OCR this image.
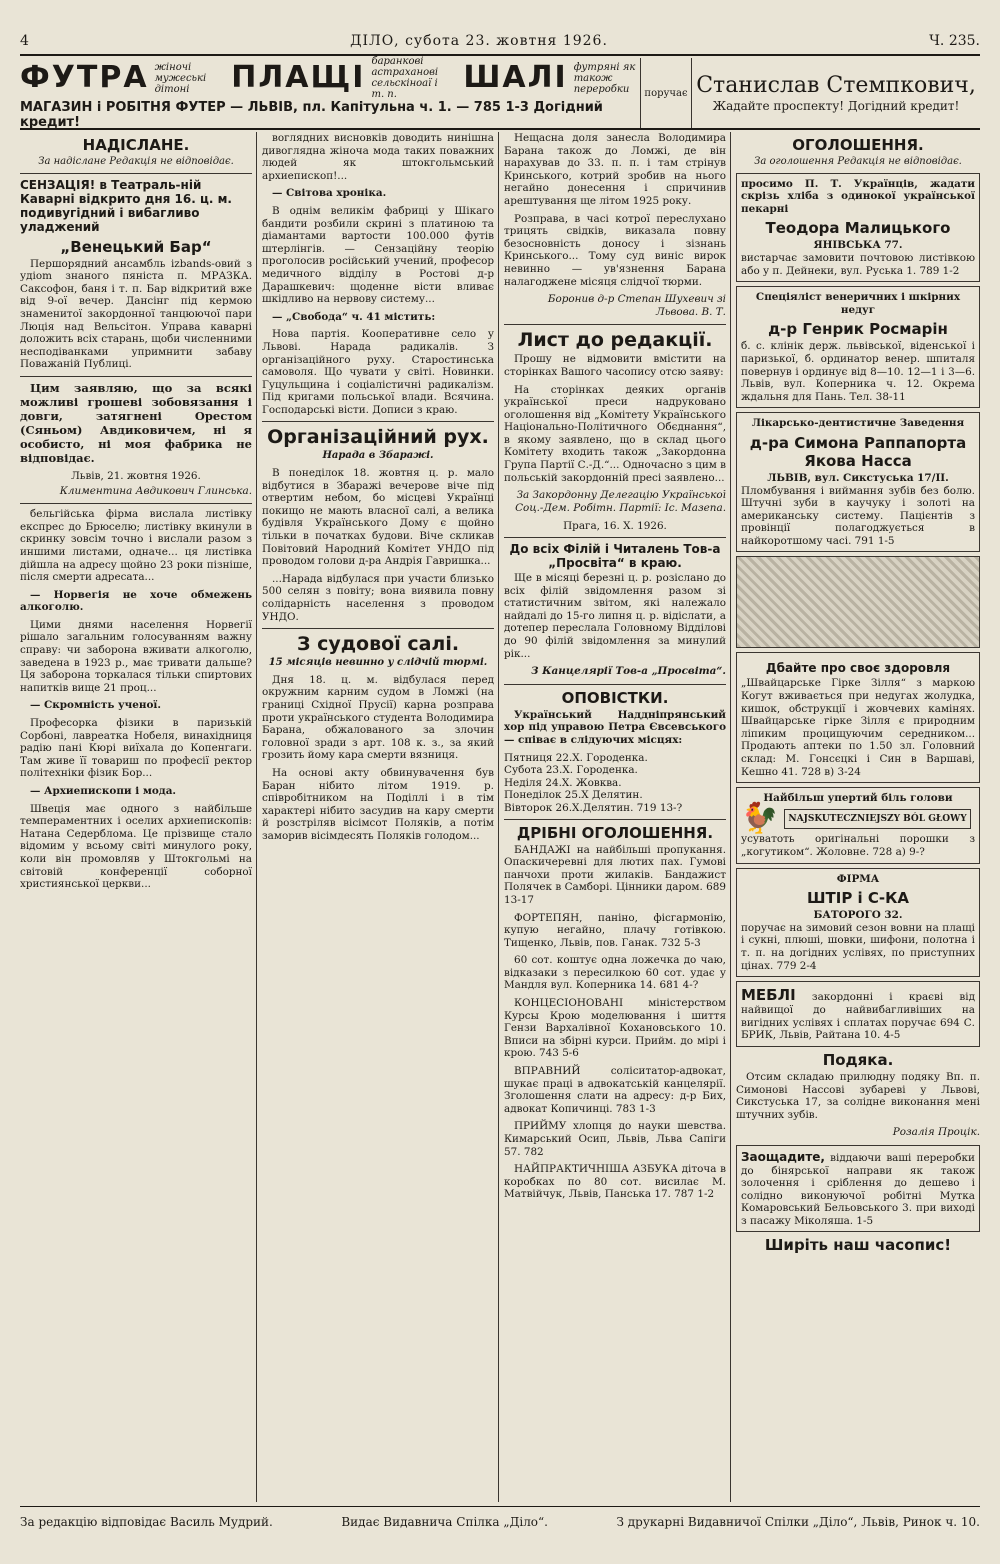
4	ДІЛО, субота 23. жовтня 1926.	Ч. 235.
ФУТРА жіночі мужеські дітоні	ПЛАЩІ баранкові астраханові сельскіноаї і т. п.	ШАЛІ футряні як також переробки
МАГАЗИН і РОБІТНЯ ФУТЕР — ЛЬВІВ, пл. Капітульна ч. 1. — 785 1-3 Догідний кредит!
поручає Станислав Стемпкович,
Жадайте проспекту! Догідний кредит!
НАДІСЛАНЕ.
За надіслане Редакція не відповідає.
СЕНЗАЦІЯ! в Театраль-ній Каварні відкрито дня 16. ц. м. подивугідний і вибагливо уладжений
„Венецький Бар“

Першорядний ансамбль izbands-овий з удіom знаного пяніста п. МРАЗКА. Саксофон, баня і т. п. Бар відкритий вже від 9-ої вечер. Дансінг під кермою знаменитої закордонної танцюючої пари Люція над Bельсітон. Управа каварні доложить всіх старань, щоби численними несподіванками упримнити забаву Поважаній Публиці.

Цим заявляю, що за всякі можливі грошеві зобовязання і довги, затягнені Орестом (Сяньом) Авдиковичем, ні я особисто, ні моя фабрика не відповідає.

Львів, 21. жовтня 1926.
Климентина Авдикович Глинська.

бельгійська фірма вислала листівку експрес до Брюселю; листівку вкинули в скринку зовсім точно і вислали разом з иншими листами, одначе... ця листівка дійшла на адресу щойно 23 роки пізніше, після смерти адресата...

— Норвегія не хоче обмежень алкоголю.

Цими днями населення Норвегії рішало загальним голосуванням важну справу: чи заборона вживати алкоголю, заведена в 1923 р., має тривати дальше? Ця заборона торкалася тільки спиртових напитків вище 21 проц...

— Скромність ученої.

Професорка фізики в паризькій Сорбоні, лавреатка Нобеля, винахідниця радію пані Кюрі виїхала до Копенгаги. Там живе її товариш по професії ректор політехніки фізик Бор...

— Архиепископи і мода.

Швеція має одного з найбільше темпераментних і оселих архиепископів: Натана Седерблома. Це прізвище стало відомим у всьому світі минулого року, коли він промовляв у Штокгольмі на світовій конференції соборної християнської церкви...

воглядних висновків доводить нинішна дивоглядна жіноча мода таких поважних людей як штокгольмський архиепископ!...

— Світова хроніка.

В однім великім фабриці у Шікаго бандити розбили скрині з платиною та діамантами вартости 100.000 футів штерлінгів. — Сензаційну теорію проголосив російський учений, професор медичного відділу в Ростові д-р Дарашкевич: щоденне вісти вливає шкідливо на нервову систему...

— „Свобода“ ч. 41 містить:

Нова партія. Кооперативне село у Львові. Нарада радикалів. З організаційного руху. Старостинська самоволя. Що чувати у світі. Новинки. Гуцульщина і соціалістичні радикалізм. Під кригами польської влади. Всячина. Господарські вісти. Дописи з краю.

Організаційний рух.
Нарада в Збаражі.

В понеділок 18. жовтня ц. р. мало відбутися в Збаражі вечерове віче під отвертим небом, бо місцеві Українці покищо не мають власної салі, а велика будівля Українського Дому є щойно тільки в початках будови. Віче скликав Повітовий Народний Комітет УНДО під проводом голови д-ра Андрія Гавришка...

...Нарада відбулася при участи близько 500 селян з повіту; вона виявила повну солідарність населення з проводом УНДО.

З судової салі.
15 місяців невинно у слідчій тюрмі.

Дня 18. ц. м. відбулася перед окружним карним судом в Ломжі (на границі Східної Прусії) карна розправа проти українського студента Володимира Барана, обжалованого за злочин головної зради з арт. 108 к. з., за який грозить йому кара смерти вязниця.

На основі акту обвинувачення був Баран нібито літом 1919. р. співробітником на Поділлі і в тім характері нібито засудив на кару смерти й розстріляв вісімсот Поляків, а потім заморив вісімдесять Поляків голодом...

Нещасна доля занесла Володимира Барана також до Ломжі, де він нарахував до 33. п. п. і там стрінув Кринського, котрий зробив на нього негайно донесення і спричинив арештування ще літом 1925 року.

Розправа, в часі котрої переслухано трицять свідків, виказала повну безосновність доносу і зізнань Кринського... Тому суд виніс вирок невинно — ув'язнення Барана налагоджене місяця слідчої тюрми.

Боронив д-р Степан Шухевич зі Львова. В. Т.
Лист до редакції.

Прошу не відмовити вмістити на сторінках Вашого часопису отсю заяву:

На сторінках деяких органів української преси надруковано оголошення від „Комітету Українського Національно-Політичного Обєднання“, в якому заявлено, що в склад цього Комітету входить також „Закордонна Група Партії С.-Д.“... Одночасно з цим в польській закордонній пресі заявлено...

За Закордонну Делегацію Української Соц.-Дем. Робітн. Партії: Іс. Мазепа.
Прага, 16. X. 1926.
До всіх Філій і Читалень Тов-а „Просвіта“ в краю.

Ще в місяці березні ц. р. розіслано до всіх філій звідомлення разом зі статистичним звітом, які належало найдалі до 15-го липня ц. р. відіслати, а дотепер переслала Головному Відділові до 90 філій звідомлення за минулий рік...

З Канцелярії Тов-а „Просвіта“.
ОПОВІСТКИ.

Український Наддніпрянський хор під управою Петра Євсевського — співає в слідуючих місцях:

Пятниця 22.X. Городенка.
Субота 23.X. Городенка.
Неділя 24.X. Жовква.
Понеділок 25.X Делятин.
Вівторок 26.X.Делятин. 719 13-?
ДРІБНІ ОГОЛОШЕННЯ.

БАНДАЖІ на найбільші пропукання. Опаскичеревні для лютих пах. Гумові панчохи проти жилаків. Бандажист Полячек в Самборі. Цінники даром. 689 13-17

ФОРТЕПЯН, паніно, фісгармонію, купую негайно, плачу готівкою. Тищенко, Львів, пов. Ганак. 732 5-3

60 сот. коштує одна ложечка до чаю, відказаки з пересилкою 60 сот. удає у Мандля вул. Коперника 14. 681 4-?

КОНЦЕСІОНОВАНІ міністерством Курсы Крою моделювання і шиття Гензи Вархалівної Кохановського 10. Вписи на збірні курси. Прийм. до мірі і крою. 743 5-6

ВПРАВНИЙ соліситатор-адвокат, шукає праці в адвокатській канцелярії. Зголошення слати на адресу: д-р Бих, адвокат Копичинці. 783 1-3

ПРИЙМУ хлопця до науки шевства. Кимарський Осип, Львів, Льва Сапіги 57. 782

НАЙПРАКТИЧНІША АЗБУКА діточа в коробках по 80 сот. висилає М. Матвійчук, Львів, Панська 17. 787 1-2

ОГОЛОШЕННЯ.
За оголошення Редакція не відповідає.
просимо П. Т. Українців, жадати скрізь хліба з одинокої української пекарні
Теодора Малицького
ЯНІВСЬКА 77.
вистарчає замовити почтовою листівкою або у п. Дейнеки, вул. Руська 1. 789 1-2
Спеціяліст венеричних і шкірних недуг
д-р Генрик Росмарін
б. с. клінік держ. львівської, віденської і паризької, б. ординатор венер. шпиталя повернув і ординує від 8—10. 12—1 і 3—6. Львів, вул. Коперника ч. 12. Окрема ждальня для Пань. Тел. 38-11
Лікарсько-дентистичне Заведення
д-ра Симона Раппапорта Якова Насса
ЛЬВІВ, вул. Сикстуська 17/II.
Пломбування і виймання зубів без болю. Штучні зуби в каучуку і золоті на американську систему. Пацієнтів з провінції полагоджується в найкоротшому часі. 791 1-5
Дбайте про своє здоровля
„Швайцарське Гірке Зілля“ з маркою Когут вживається при недугах жолудка, кишок, обструкції і жовчевих камінях. Швайцарське гірке Зілля є природним ліпиким процищуючим середником... Продають аптеки по 1.50 зл. Головний склад: М. Гонсєцкі і Син в Варшаві, Кешно 41. 728 в) 3-24
Найбільш упертий біль голови
🐓	NAJSKUTECZNIEJSZY BÓL GŁOWY
усуватоть оригінальні порошки з „когутиком“. Жоловне. 728 a) 9-?
ФІРМА
ШТІР і С-КА
БАТОРОГО 32.
поручає на зимовий сезон вовни на плащі і сукні, плюші, шовки, шифони, полотна і т. п. на догідних услівях, по приступних цінах. 779 2-4
МЕБЛІ закордонні і краєві від найвищої до найвибагливіших на вигідних услівях і сплатах поручає 694 С. БРИК, Львів, Райтана 10. 4-5
Подяка.

Отсим складаю прилюдну подяку Вп. п. Симонові Нассові зубареві у Львові, Сикстуська 17, за солідне виконання мені штучних зубів.

Розалія Процік.
Заощадите, віддаючи ваші переробки до бінярської направи як також золочення і сріблення до дешево і солідно виконуючої робітні Мутка Комаровський Бельовського 3. при виході з пасажу Міколяша. 1-5
Ширіть наш часопис!
За редакцію відповідає Василь Мудрий.	Видає Видавнича Спілка „Діло“.	З друкарні Видавничої Спілки „Діло“, Львів, Ринок ч. 10.
